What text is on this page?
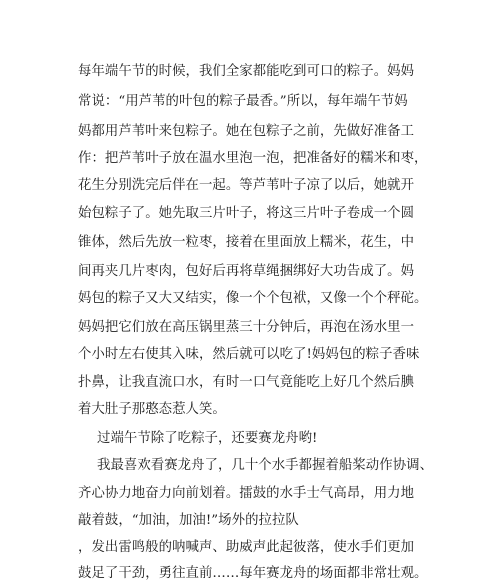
每年端午节的时候，我们全家都能吃到可口的粽子。妈妈
常说：“用芦苇的叶包的粽子最香。”所以，每年端午节妈
妈都用芦苇叶来包粽子。她在包粽子之前，先做好准备工
作：把芦苇叶子放在温水里泡一泡，把准备好的糯米和枣，
花生分别洗完后伴在一起。等芦苇叶子凉了以后，她就开
始包粽子了。她先取三片叶子，将这三片叶子卷成一个圆
锥体，然后先放一粒枣，接着在里面放上糯米，花生，中
间再夹几片枣肉，包好后再将草绳捆绑好大功告成了。妈
妈包的粽子又大又结实，像一个个包袱，又像一个个秤砣。
妈妈把它们放在高压锅里蒸三十分钟后，再泡在汤水里一
个小时左右使其入味，然后就可以吃了!妈妈包的粽子香味
扑鼻，让我直流口水，有时一口气竟能吃上好几个然后腆
着大肚子那憨态惹人笑。
过端午节除了吃粽子，还要赛龙舟哟!
我最喜欢看赛龙舟了，几十个水手都握着船桨动作协调、
齐心协力地奋力向前划着。擂鼓的水手士气高昂，用力地
敲着鼓，“加油，加油!”场外的拉拉队
，发出雷鸣般的呐喊声、助威声此起彼落，使水手们更加
鼓足了干劲，勇往直前……每年赛龙舟的场面都非常壮观。
